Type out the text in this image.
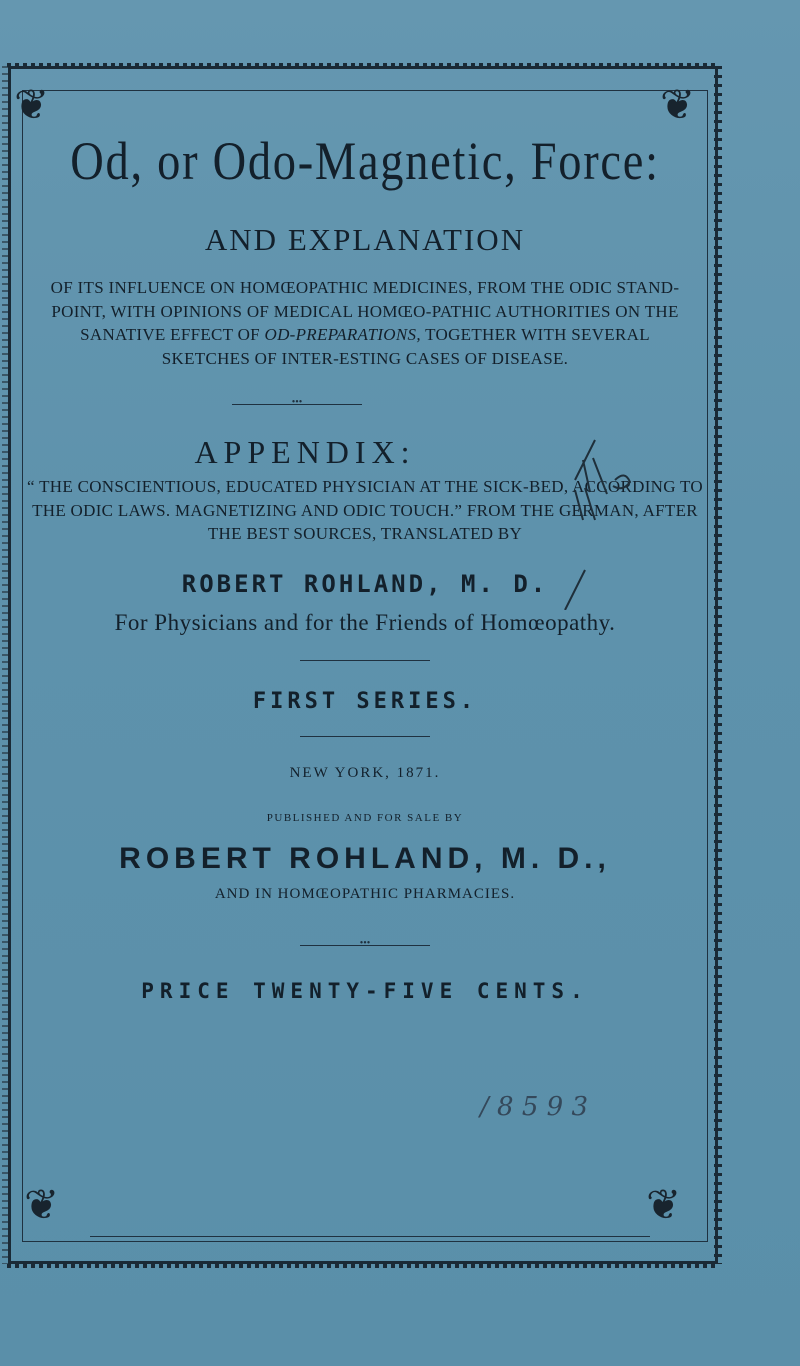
❦	❦
❦	❦
Od, or Odo-Magnetic, Force:
AND EXPLANATION
OF ITS INFLUENCE ON HOMŒOPATHIC MEDICINES, FROM THE ODIC STAND-POINT, WITH OPINIONS OF MEDICAL HOMŒO-PATHIC AUTHORITIES ON THE SANATIVE EFFECT OF OD-PREPARATIONS, TOGETHER WITH SEVERAL SKETCHES OF INTER-ESTING CASES OF DISEASE.
•••
APPENDIX:
“ THE CONSCIENTIOUS, EDUCATED PHYSICIAN AT THE SICK-BED, ACCORDING TO THE ODIC LAWS. MAGNETIZING AND ODIC TOUCH.” FROM THE GERMAN, AFTER THE BEST SOURCES, TRANSLATED BY
ROBERT ROHLAND, M. D.
For Physicians and for the Friends of Homœopathy.
FIRST SERIES.
NEW YORK, 1871.
PUBLISHED AND FOR SALE BY
ROBERT ROHLAND, M. D.,
AND IN HOMŒOPATHIC PHARMACIES.
•••
PRICE TWENTY-FIVE CENTS.
/ 8 5 9 3
